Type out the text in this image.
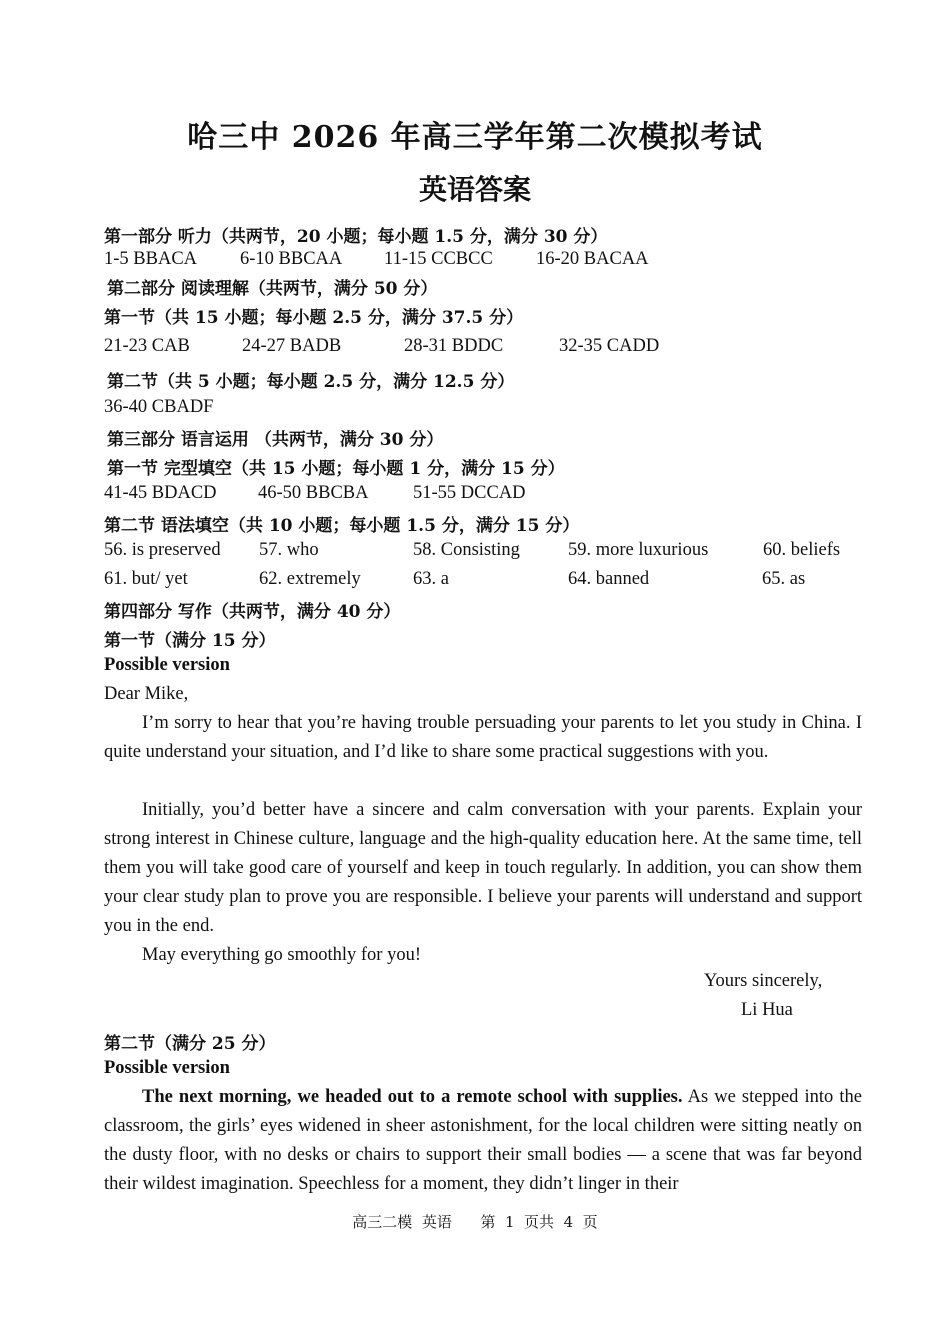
哈三中 2026 年高三学年第二次模拟考试
英语答案
第一部分 听力（共两节，20 小题；每小题 1.5 分，满分 30 分）
1-5 BBACA 6-10 BBCAA 11-15 CCBCC 16-20 BACAA
第二部分 阅读理解（共两节，满分 50 分）
第一节（共 15 小题；每小题 2.5 分，满分 37.5 分）
21-23 CAB	24-27 BADB	28-31 BDDC	32-35 CADD
第二节（共 5 小题；每小题 2.5 分，满分 12.5 分）
36-40 CBADF
第三部分 语言运用 （共两节，满分 30 分）
第一节 完型填空（共 15 小题；每小题 1 分，满分 15 分）
41-45 BDACD 46-50 BBCBA 51-55 DCCAD
第二节 语法填空（共 10 小题；每小题 1.5 分，满分 15 分）
56. is preserved 57. who	58. Consisting	59. more luxurious	60. beliefs
61. but/ yet	62. extremely	63. a	64. banned	65. as
第四部分 写作（共两节，满分 40 分）
第一节（满分 15 分）
Possible version
Dear Mike,

I’m sorry to hear that you’re having trouble persuading your parents to let you study in China. I quite understand your situation, and I’d like to share some practical suggestions with you.

Initially, you’d better have a sincere and calm conversation with your parents. Explain your strong interest in Chinese culture, language and the high-quality education here. At the same time, tell them you will take good care of yourself and keep in touch regularly. In addition, you can show them your clear study plan to prove you are responsible. I believe your parents will understand and support you in the end.

May everything go smoothly for you!

Yours sincerely,
Li Hua
第二节（满分 25 分）
Possible version

The next morning, we headed out to a remote school with supplies. As we stepped into the classroom, the girls’ eyes widened in sheer astonishment, for the local children were sitting neatly on the dusty floor, with no desks or chairs to support their small bodies — a scene that was far beyond their wildest imagination. Speechless for a moment, they didn’t linger in their

高三二模  英语      第  1  页共  4  页
